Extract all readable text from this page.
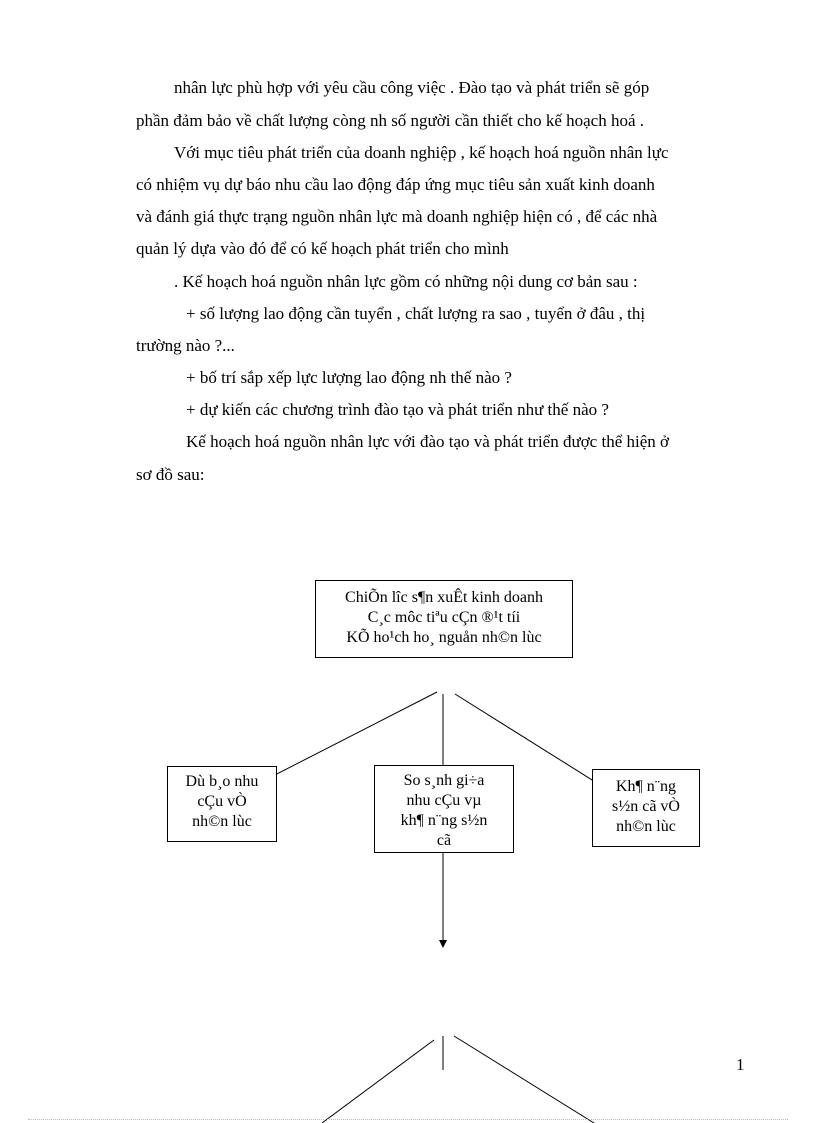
nhân lực phù hợp với yêu cầu công việc . Đào tạo và phát triển sẽ góp
phần đảm bảo về chất lượng còng nh số người cần thiết cho kế hoạch hoá .
Với mục tiêu phát triển của doanh nghiệp , kế hoạch hoá nguồn nhân lực
có nhiệm vụ dự báo nhu cầu lao động đáp ứng mục tiêu sản xuất kinh doanh
và đánh giá thực trạng nguồn nhân lực mà doanh nghiệp hiện có , để các nhà
quản lý dựa vào đó để có kế hoạch phát triển cho mình
. Kế hoạch hoá nguồn nhân lực gồm có những nội dung cơ bản sau :
+ số lượng lao động cần tuyển , chất lượng ra sao , tuyển ở đâu , thị
trường nào ?...
+ bố trí sắp xếp lực lượng lao động nh thế nào ?
+ dự kiến các chương trình đào tạo và phát triển như thế nào ?
Kế hoạch hoá nguồn nhân lực với đào tạo và phát triển được thể hiện ở
sơ đồ sau:
ChiÕn lîc s¶n xuÊt kinh doanh
C¸c môc tiªu cÇn ®¹t tíi
KÕ ho¹ch ho¸ nguån nh©n lùc
Dù b¸o nhu
cÇu vÒ
nh©n lùc
So s¸nh gi÷a
nhu cÇu vµ
kh¶ n¨ng s½n
cã
Kh¶ n¨ng
s½n cã vÒ
nh©n lùc
1
